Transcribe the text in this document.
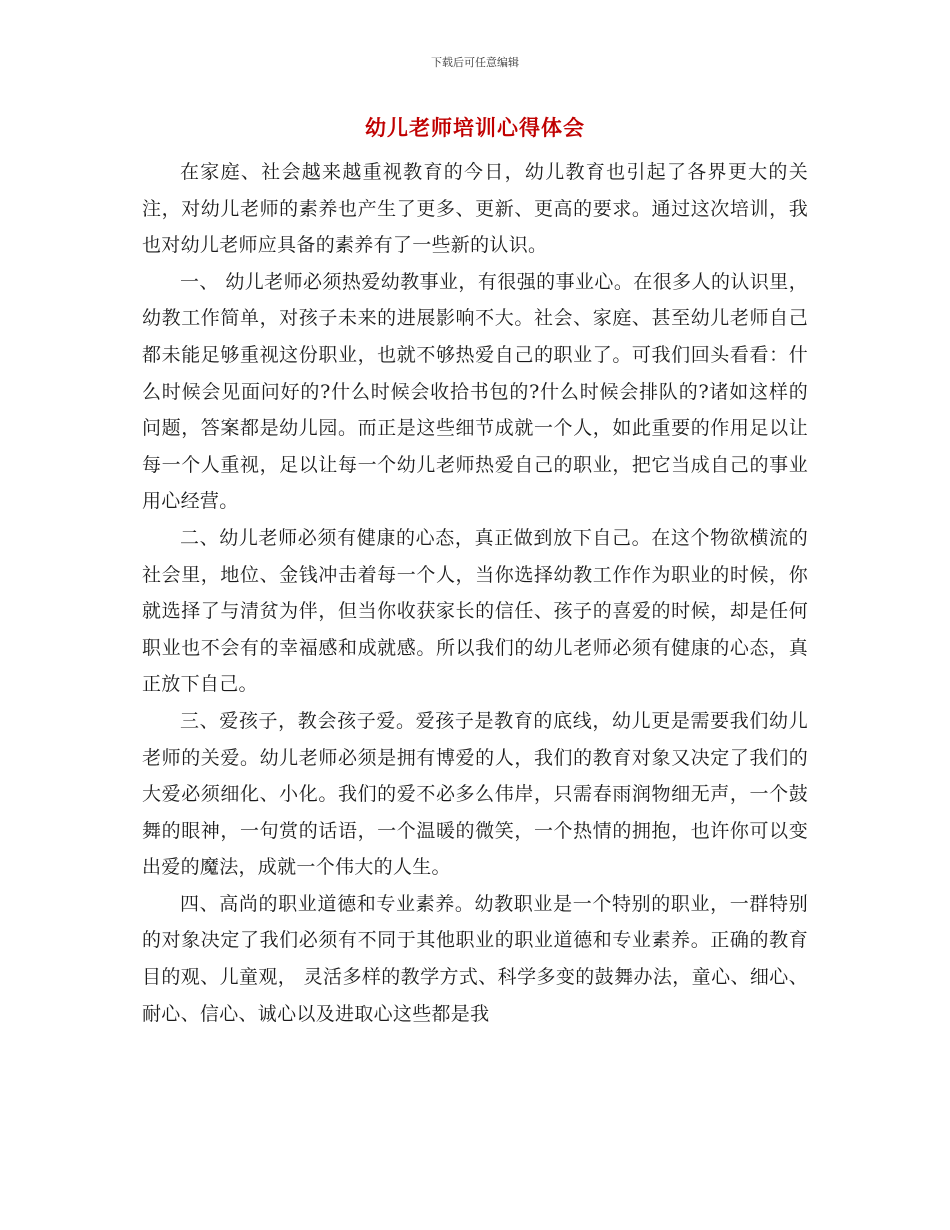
下载后可任意编辑
幼儿老师培训心得体会

在家庭、社会越来越重视教育的今日，幼儿教育也引起了各界更大的关注，对幼儿老师的素养也产生了更多、更新、更高的要求。通过这次培训，我也对幼儿老师应具备的素养有了一些新的认识。

一、 幼儿老师必须热爱幼教事业，有很强的事业心。在很多人的认识里，幼教工作简单，对孩子未来的进展影响不大。社会、家庭、甚至幼儿老师自己都未能足够重视这份职业，也就不够热爱自己的职业了。可我们回头看看：什么时候会见面问好的?什么时候会收拾书包的?什么时候会排队的?诸如这样的问题，答案都是幼儿园。而正是这些细节成就一个人，如此重要的作用足以让每一个人重视，足以让每一个幼儿老师热爱自己的职业，把它当成自己的事业用心经营。

二、幼儿老师必须有健康的心态，真正做到放下自己。在这个物欲横流的社会里，地位、金钱冲击着每一个人，当你选择幼教工作作为职业的时候，你就选择了与清贫为伴，但当你收获家长的信任、孩子的喜爱的时候，却是任何职业也不会有的幸福感和成就感。所以我们的幼儿老师必须有健康的心态，真正放下自己。

三、爱孩子，教会孩子爱。爱孩子是教育的底线，幼儿更是需要我们幼儿老师的关爱。幼儿老师必须是拥有博爱的人，我们的教育对象又决定了我们的大爱必须细化、小化。我们的爱不必多么伟岸，只需春雨润物细无声，一个鼓舞的眼神，一句赏的话语，一个温暖的微笑，一个热情的拥抱，也许你可以变出爱的魔法，成就一个伟大的人生。

四、高尚的职业道德和专业素养。幼教职业是一个特别的职业，一群特别的对象决定了我们必须有不同于其他职业的职业道德和专业素养。正确的教育目的观、儿童观， 灵活多样的教学方式、科学多变的鼓舞办法，童心、细心、耐心、信心、诚心以及进取心这些都是我
